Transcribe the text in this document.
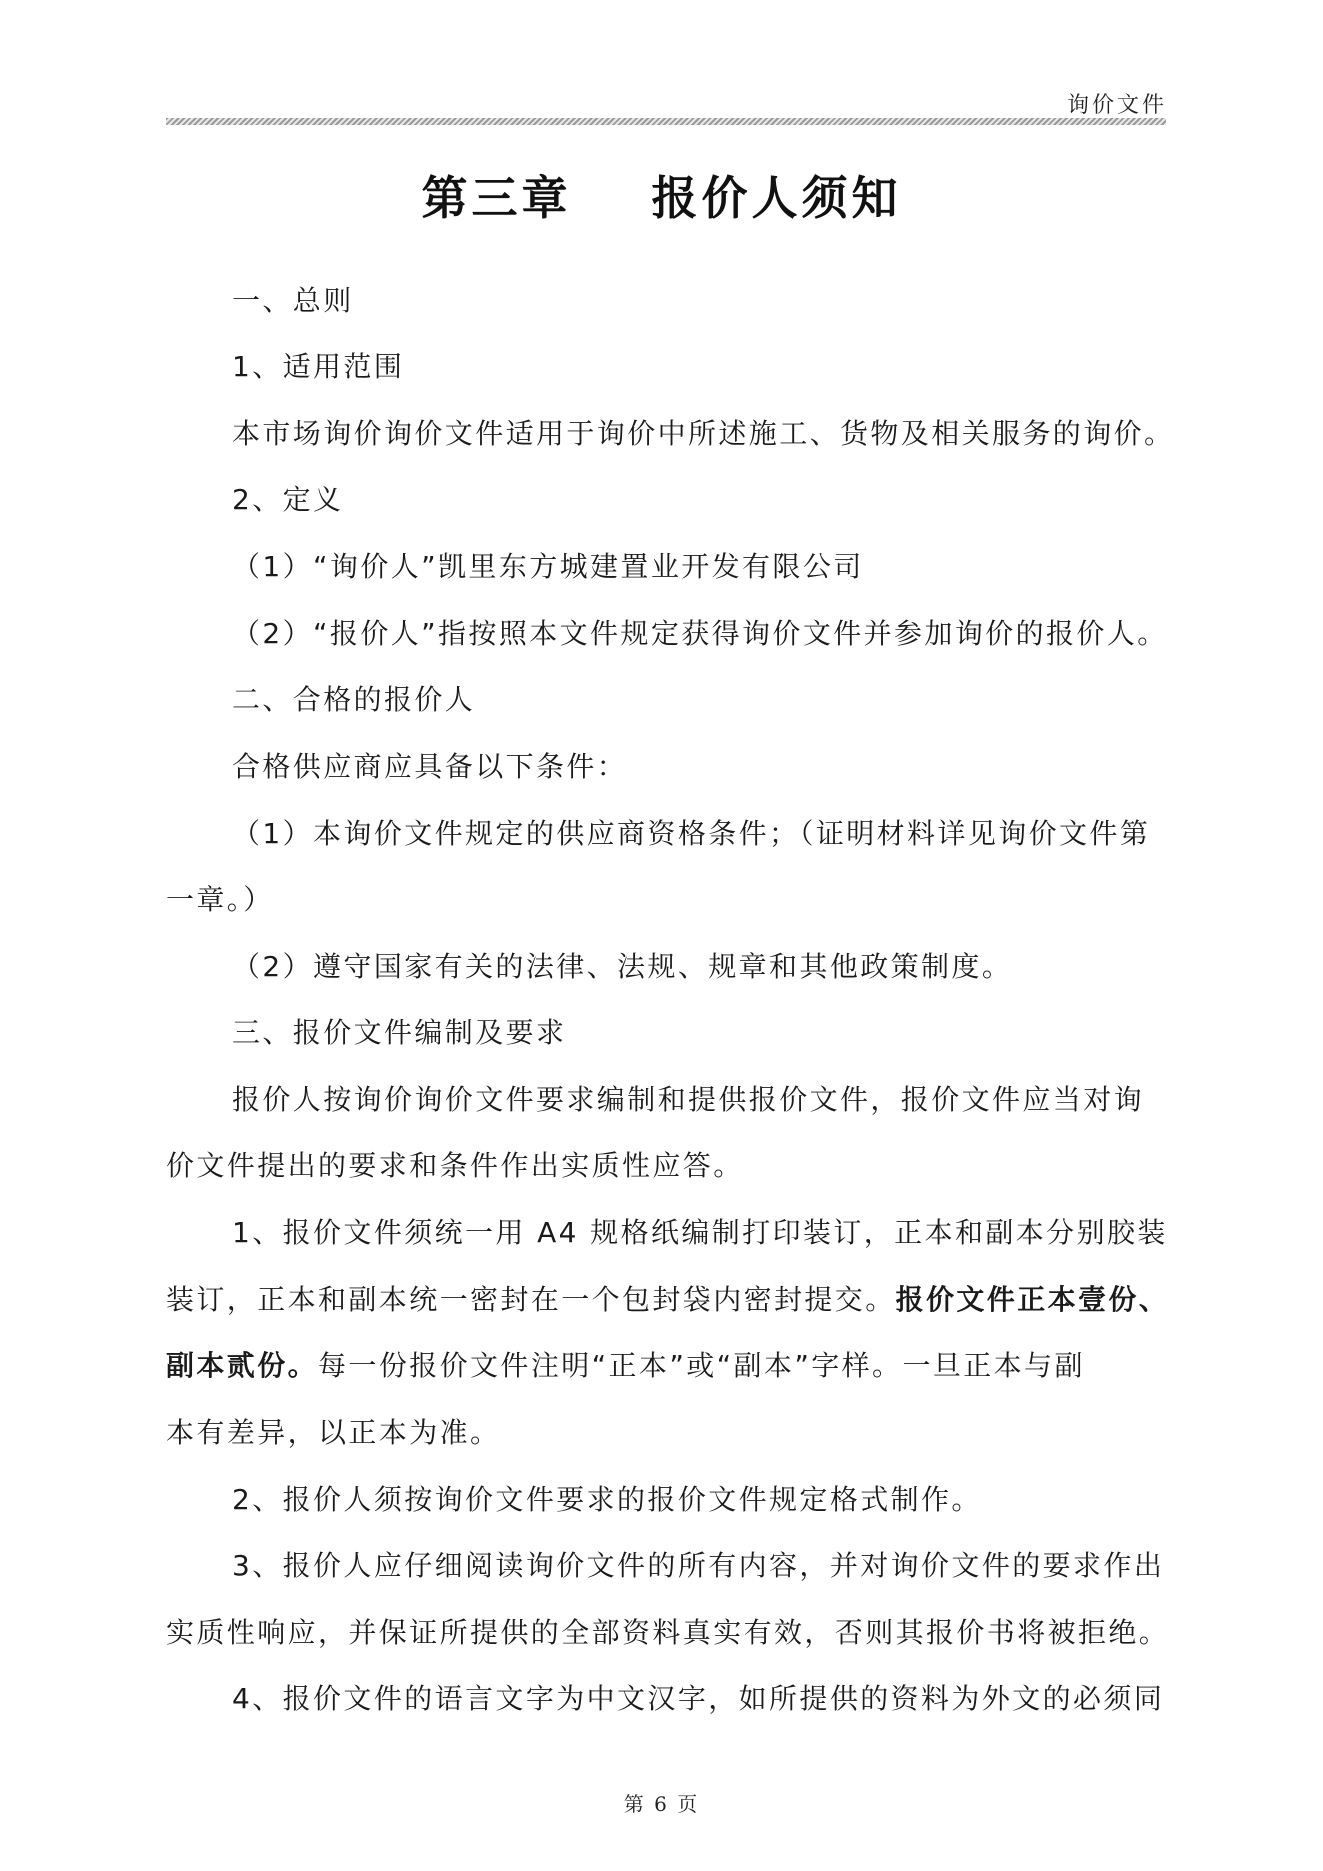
询价文件
第三章    报价人须知
一、总则
1、适用范围
本市场询价询价文件适用于询价中所述施工、货物及相关服务的询价。
2、定义
（1）“询价人”凯里东方城建置业开发有限公司
（2）“报价人”指按照本文件规定获得询价文件并参加询价的报价人。
二、合格的报价人
合格供应商应具备以下条件：
（1）本询价文件规定的供应商资格条件；（证明材料详见询价文件第
一章。）
（2）遵守国家有关的法律、法规、规章和其他政策制度。
三、报价文件编制及要求
报价人按询价询价文件要求编制和提供报价文件，报价文件应当对询
价文件提出的要求和条件作出实质性应答。
1、报价文件须统一用 A4 规格纸编制打印装订，正本和副本分别胶装
装订，正本和副本统一密封在一个包封袋内密封提交。报价文件正本壹份、
副本贰份。每一份报价文件注明“正本”或“副本”字样。一旦正本与副
本有差异，以正本为准。
2、报价人须按询价文件要求的报价文件规定格式制作。
3、报价人应仔细阅读询价文件的所有内容，并对询价文件的要求作出
实质性响应，并保证所提供的全部资料真实有效，否则其报价书将被拒绝。
4、报价文件的语言文字为中文汉字，如所提供的资料为外文的必须同
第 6 页
